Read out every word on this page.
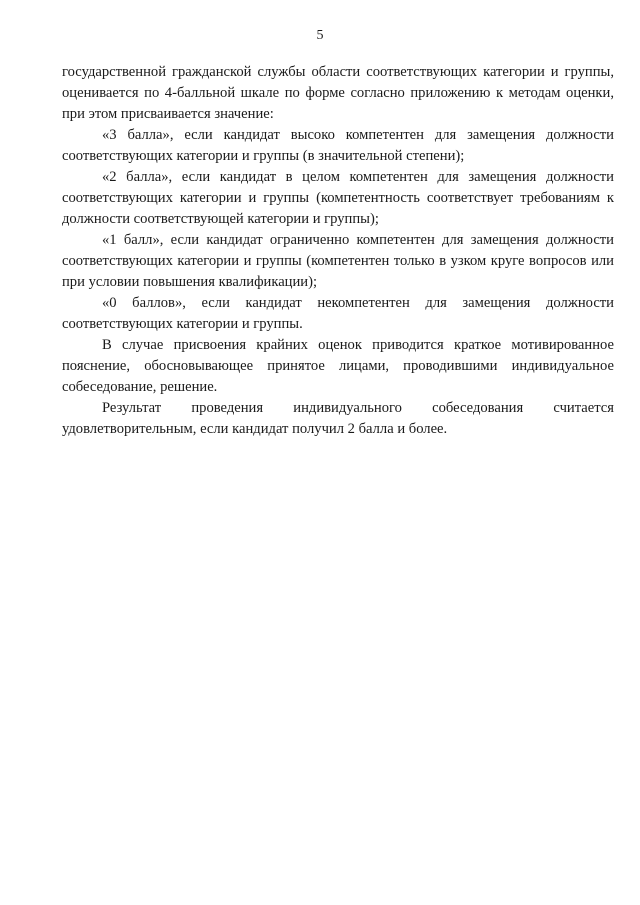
5

государственной гражданской службы области соответствующих категории и группы, оценивается по 4-балльной шкале по форме согласно приложению к методам оценки, при этом присваивается значение:

«3 балла», если кандидат высоко компетентен для замещения должности соответствующих категории и группы (в значительной степени);

«2 балла», если кандидат в целом компетентен для замещения должности соответствующих категории и группы (компетентность соответствует требованиям к должности соответствующей категории и группы);

«1 балл», если кандидат ограниченно компетентен для замещения должности соответствующих категории и группы (компетентен только в узком круге вопросов или при условии повышения квалификации);

«0 баллов», если кандидат некомпетентен для замещения должности соответствующих категории и группы.

В случае присвоения крайних оценок приводится краткое мотивированное пояснение, обосновывающее принятое лицами, проводившими индивидуальное собеседование, решение.

Результат проведения индивидуального собеседования считается удовлетворительным, если кандидат получил 2 балла и более.
